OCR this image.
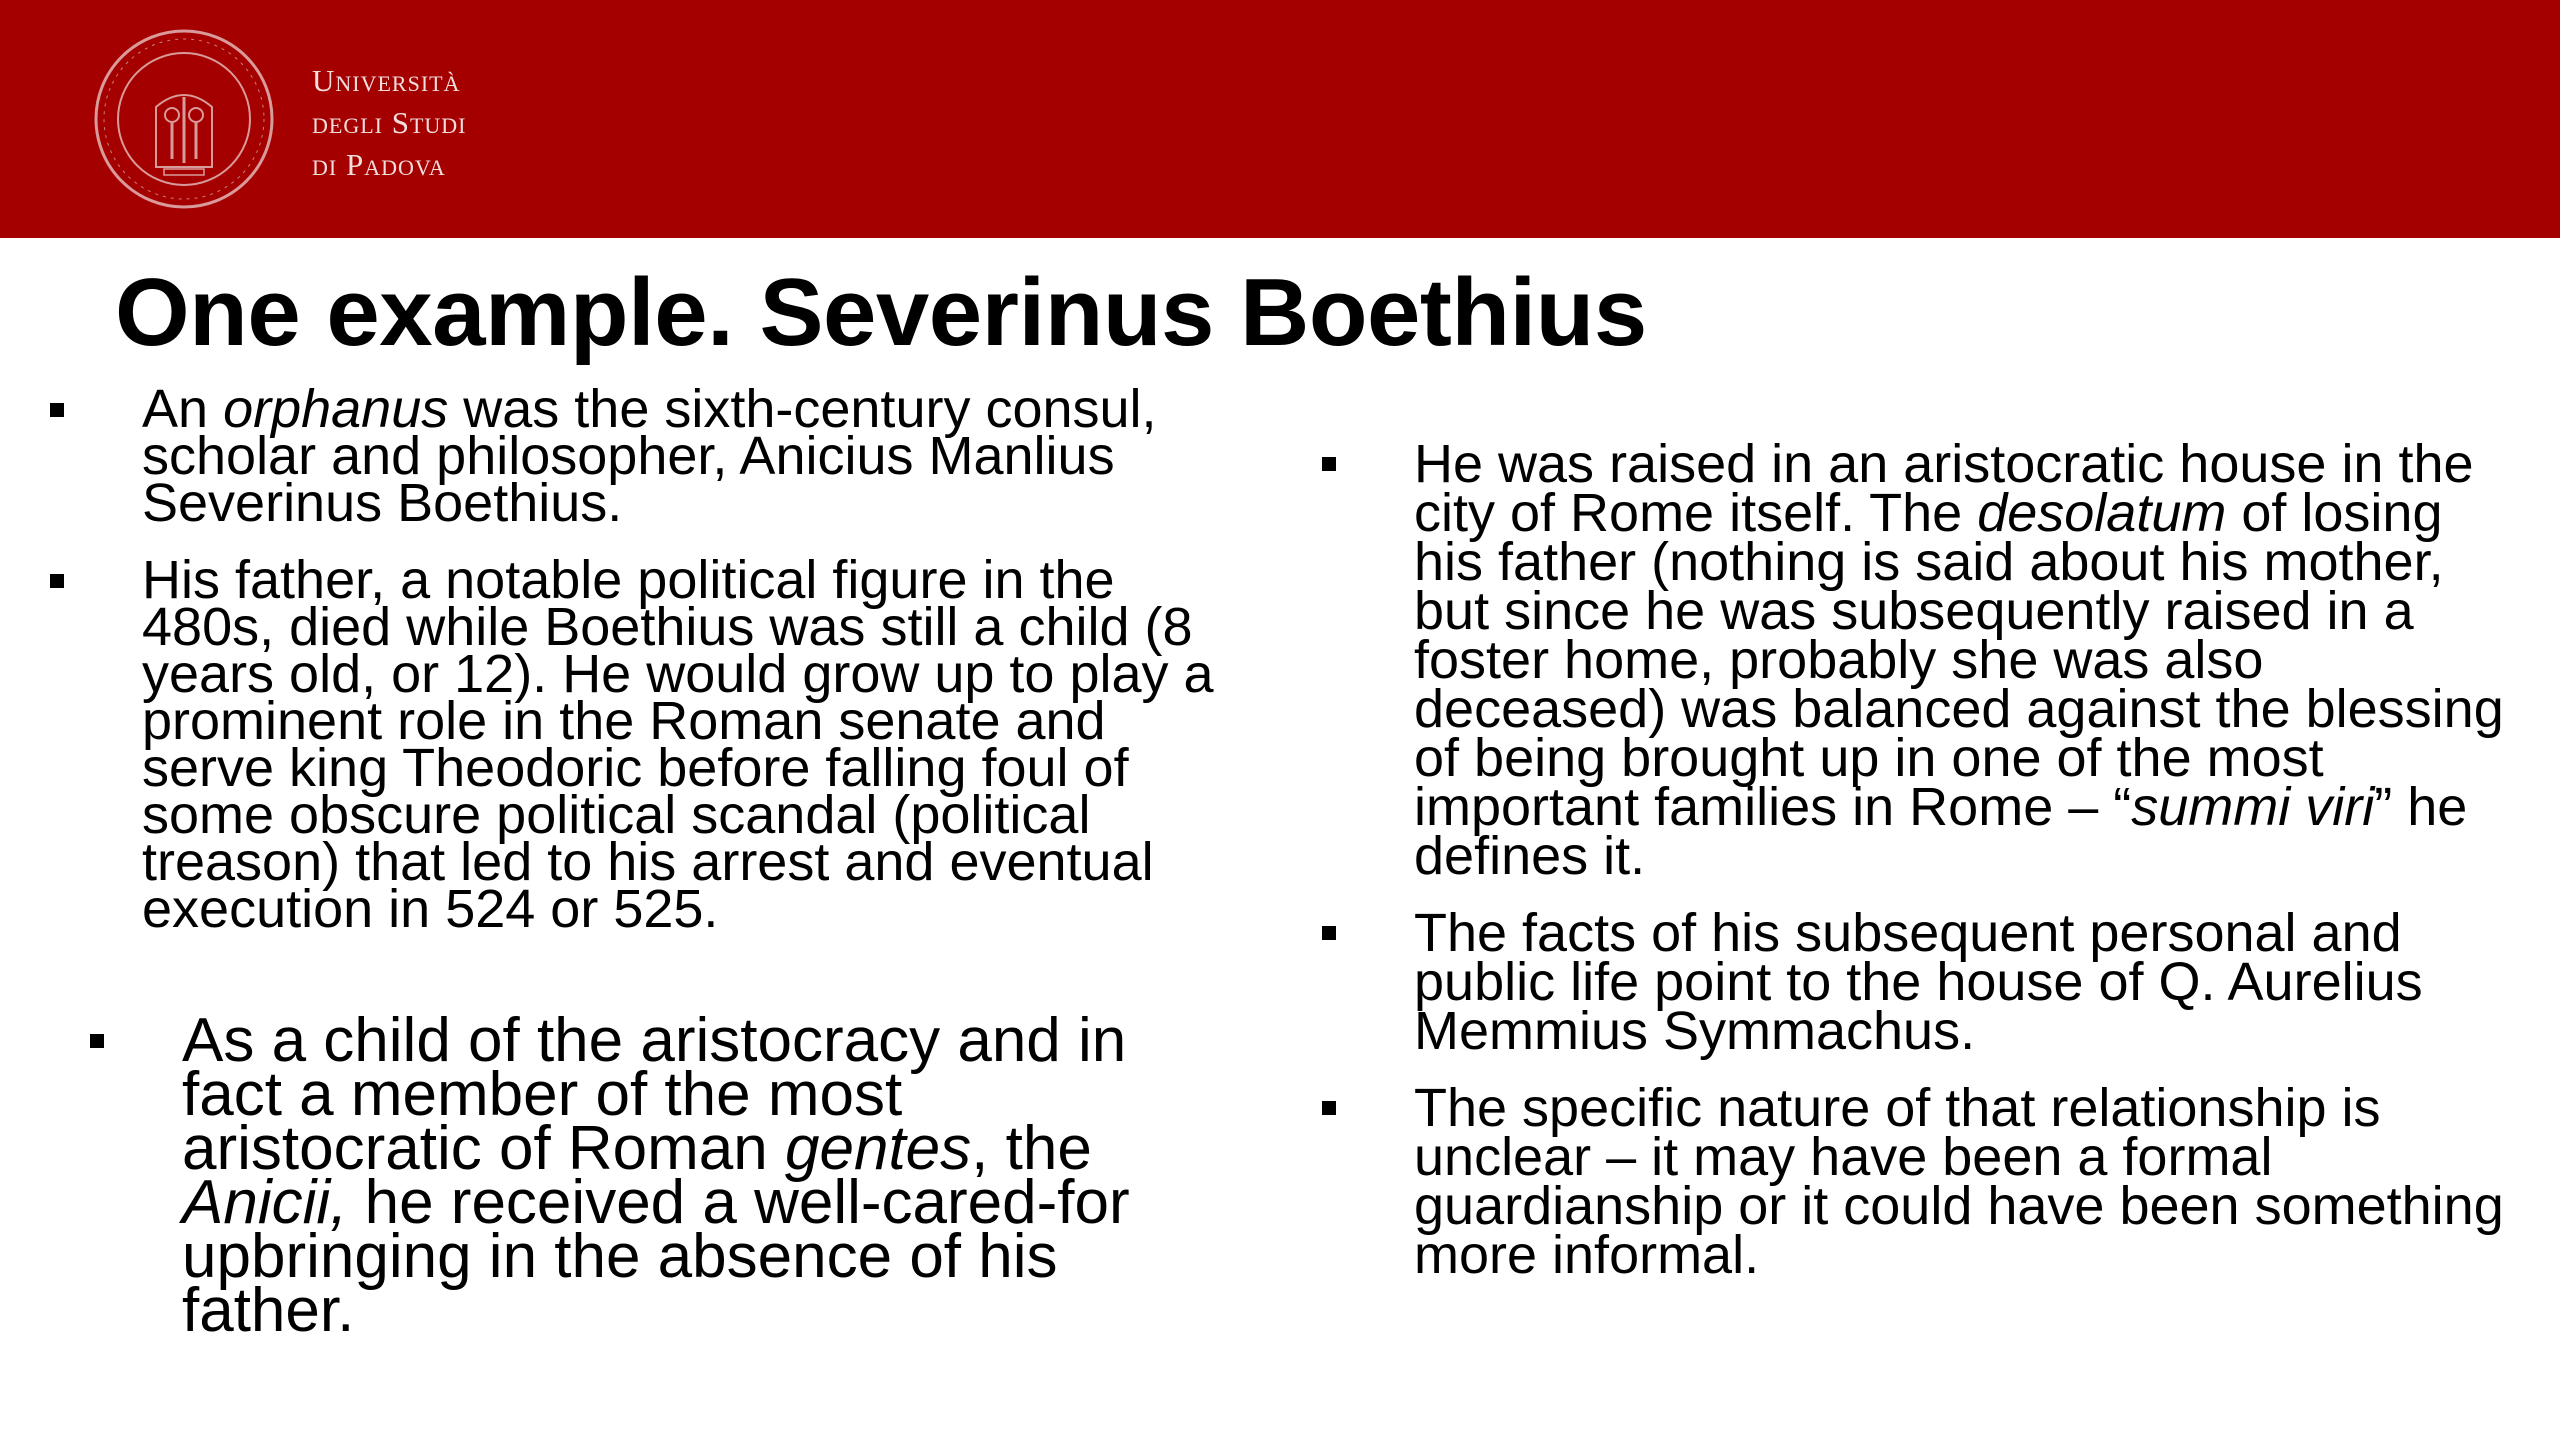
Università
degli Studi
di Padova
One example. Severinus Boethius
An orphanus was the sixth-century consul, scholar and philosopher, Anicius Manlius Severinus Boethius.
His father, a notable political figure in the 480s, died while Boethius was still a child (8 years old, or 12). He would grow up to play a prominent role in the Roman senate and serve king Theodoric before falling foul of some obscure political scandal (political treason) that led to his arrest and eventual execution in 524 or 525.
As a child of the aristocracy and in fact a member of the most aristocratic of Roman gentes, the Anicii, he received a well-cared-for upbringing in the absence of his father.
He was raised in an aristocratic house in the city of Rome itself. The desolatum of losing his father (nothing is said about his mother, but since he was subsequently raised in a foster home, probably she was also deceased) was balanced against the blessing of being brought up in one of the most important families in Rome – “summi viri” he defines it.
The facts of his subsequent personal and public life point to the house of Q. Aurelius Memmius Symmachus.
The specific nature of that relationship is unclear – it may have been a formal guardianship or it could have been something more informal.
